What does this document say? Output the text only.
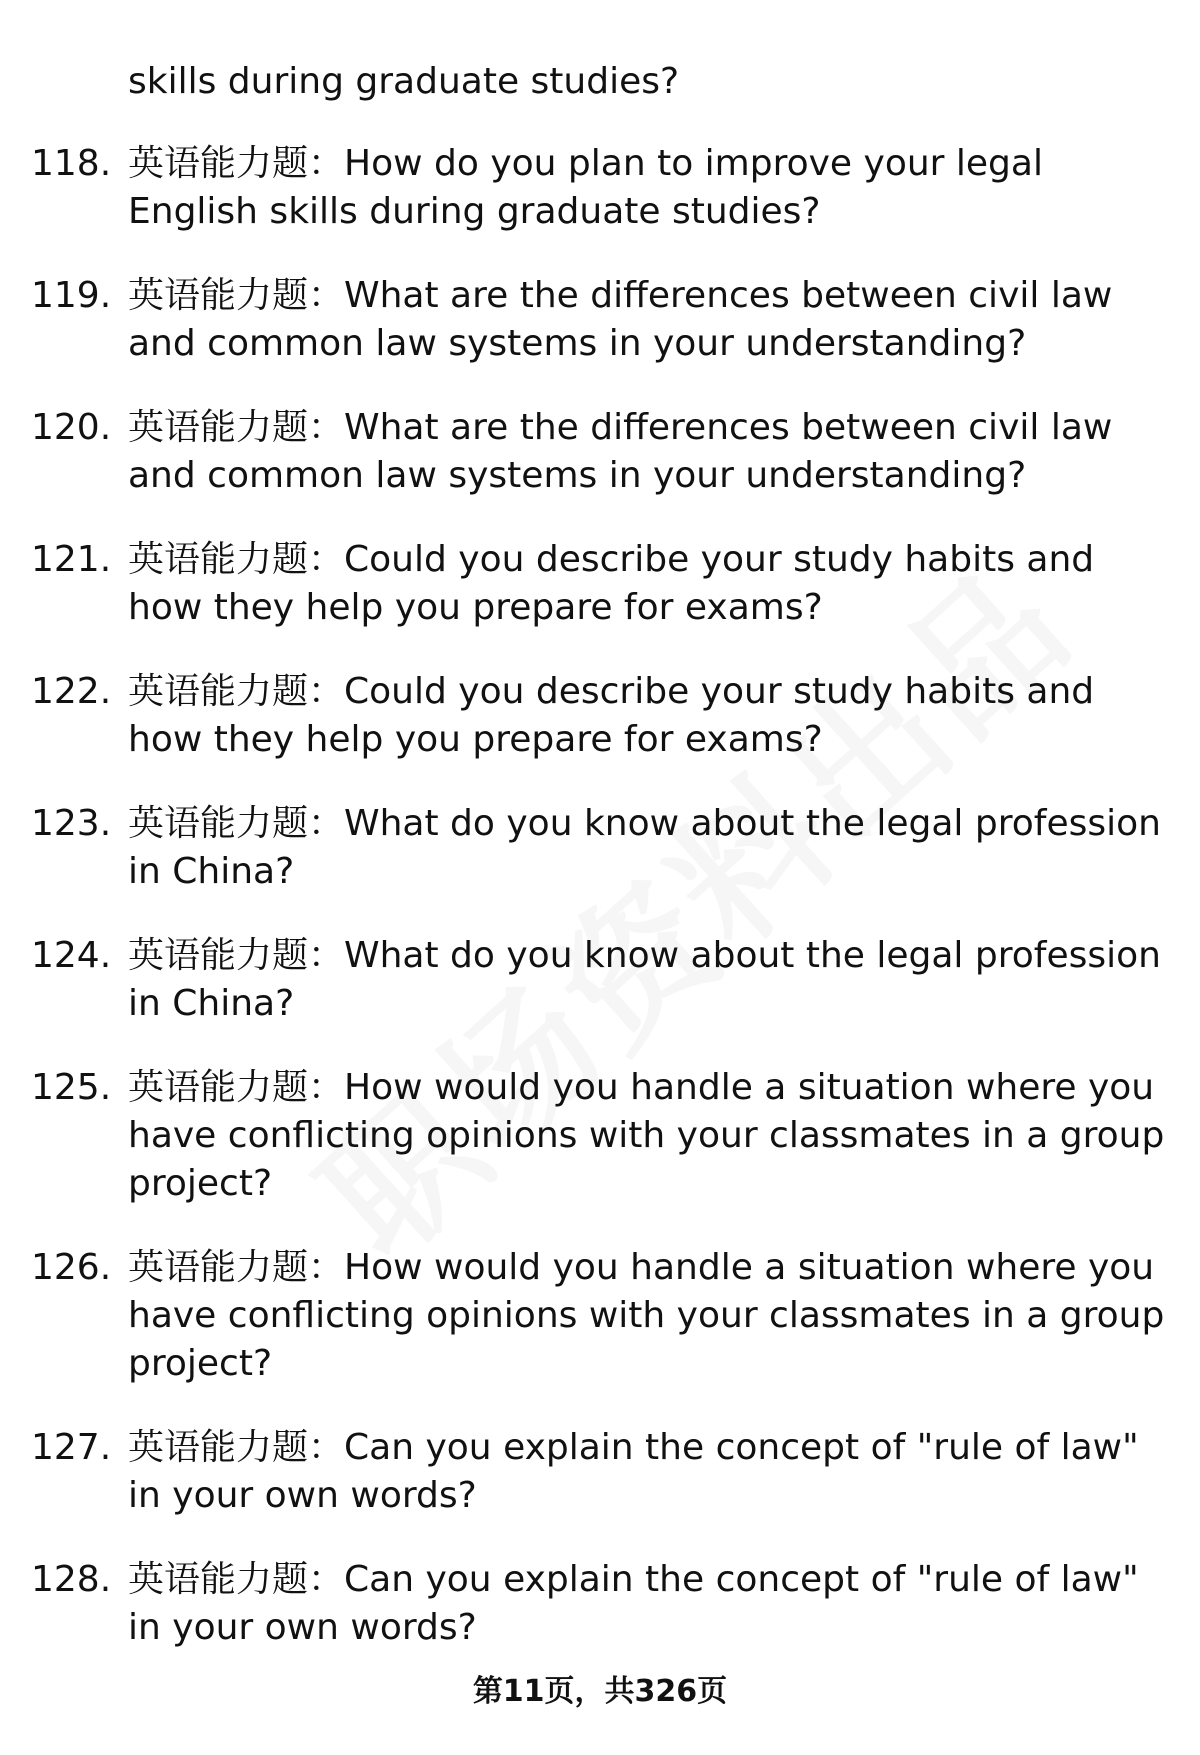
skills during graduate studies?
118. 英语能力题：How do you plan to improve your legal English skills during graduate studies?
119. 英语能力题：What are the differences between civil law and common law systems in your understanding?
120. 英语能力题：What are the differences between civil law and common law systems in your understanding?
121. 英语能力题：Could you describe your study habits and how they help you prepare for exams?
122. 英语能力题：Could you describe your study habits and how they help you prepare for exams?
123. 英语能力题：What do you know about the legal profession in China?
124. 英语能力题：What do you know about the legal profession in China?
125. 英语能力题：How would you handle a situation where you have conflicting opinions with your classmates in a group project?
126. 英语能力题：How would you handle a situation where you have conflicting opinions with your classmates in a group project?
127. 英语能力题：Can you explain the concept of "rule of law" in your own words?
128. 英语能力题：Can you explain the concept of "rule of law" in your own words?
第11页，共326页
